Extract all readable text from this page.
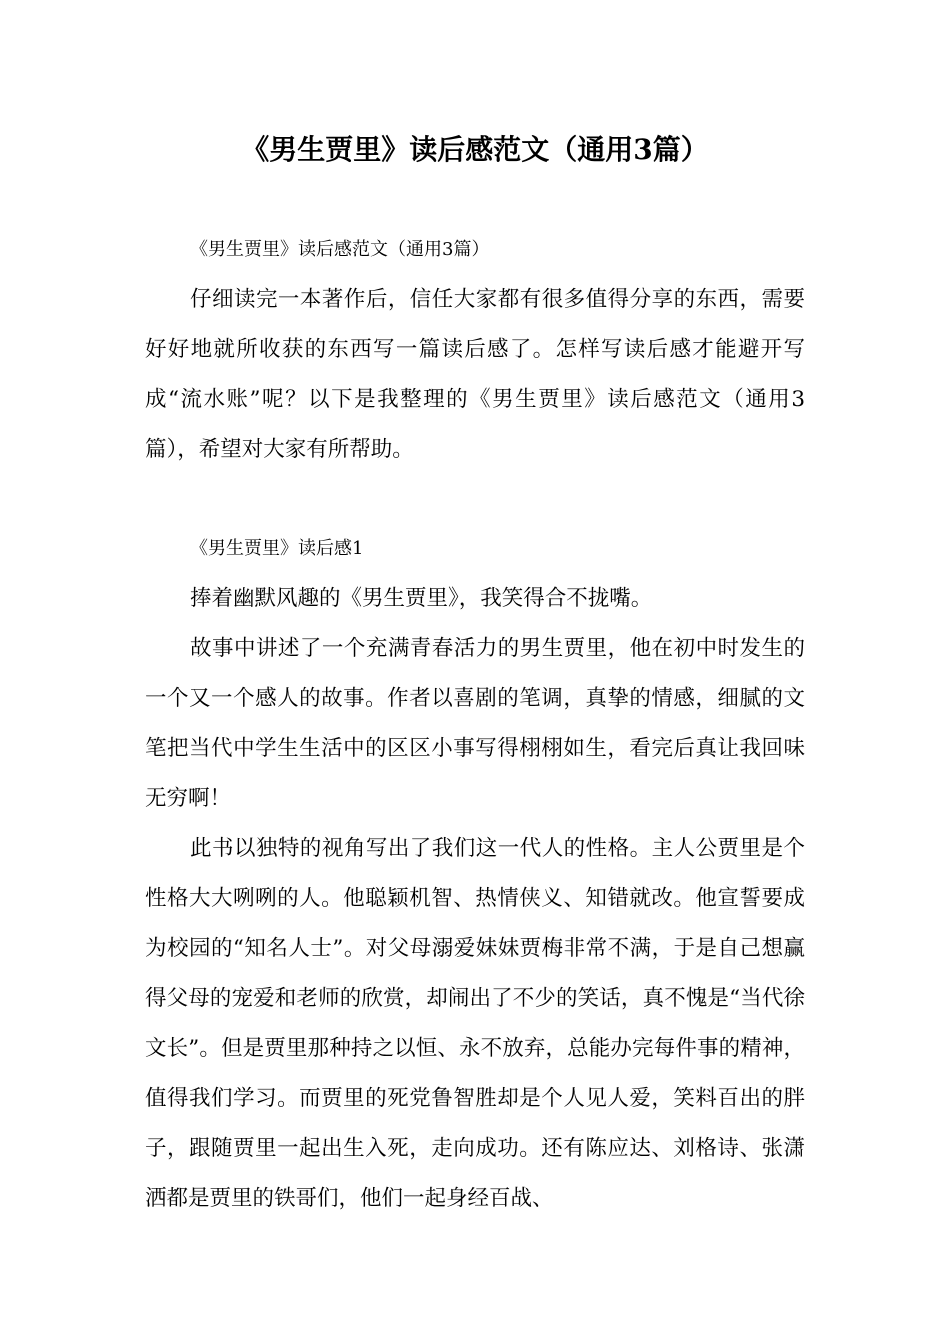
《男生贾里》读后感范文（通用3篇）

《男生贾里》读后感范文（通用3篇）

仔细读完一本著作后，信任大家都有很多值得分享的东西，需要好好地就所收获的东西写一篇读后感了。怎样写读后感才能避开写成“流水账”呢？以下是我整理的《男生贾里》读后感范文（通用3篇），希望对大家有所帮助。

《男生贾里》读后感1

捧着幽默风趣的《男生贾里》，我笑得合不拢嘴。

故事中讲述了一个充满青春活力的男生贾里，他在初中时发生的一个又一个感人的故事。作者以喜剧的笔调，真挚的情感，细腻的文笔把当代中学生生活中的区区小事写得栩栩如生，看完后真让我回味无穷啊！

此书以独特的视角写出了我们这一代人的性格。主人公贾里是个性格大大咧咧的人。他聪颖机智、热情侠义、知错就改。他宣誓要成为校园的“知名人士”。对父母溺爱妹妹贾梅非常不满，于是自己想赢得父母的宠爱和老师的欣赏，却闹出了不少的笑话，真不愧是“当代徐文长”。但是贾里那种持之以恒、永不放弃，总能办完每件事的精神，值得我们学习。而贾里的死党鲁智胜却是个人见人爱，笑料百出的胖子，跟随贾里一起出生入死，走向成功。还有陈应达、刘格诗、张潇洒都是贾里的铁哥们，他们一起身经百战、
